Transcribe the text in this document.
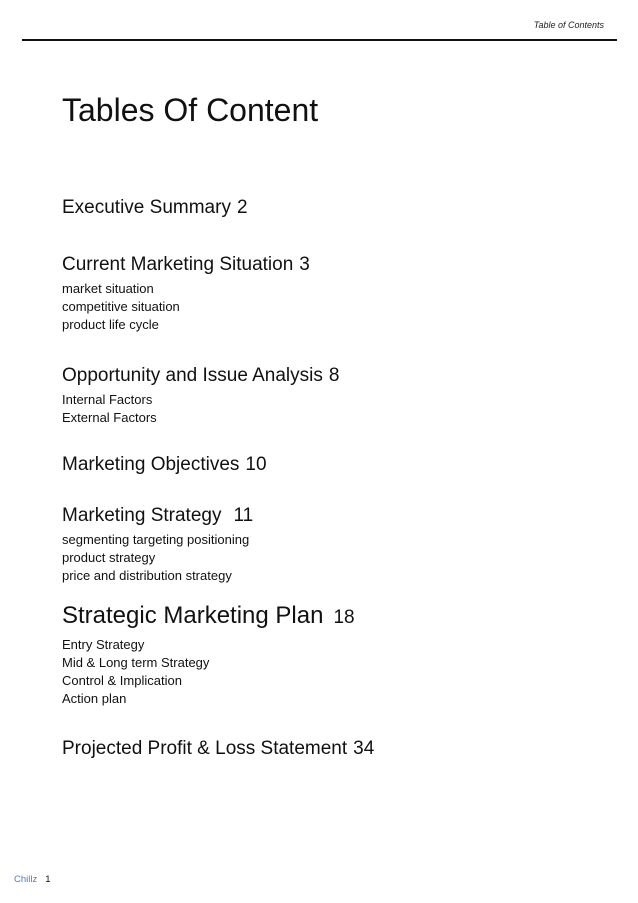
Table of Contents
Tables Of Content
Executive Summary 2
Current Marketing Situation 3
market situation
competitive situation
product life cycle
Opportunity and Issue Analysis 8
Internal Factors
External Factors
Marketing Objectives 10
Marketing Strategy 11
segmenting targeting positioning
product strategy
price and distribution strategy
Strategic Marketing Plan 18
Entry Strategy
Mid & Long term Strategy
Control & Implication
Action plan
Projected Profit & Loss Statement 34
Chillz 1
